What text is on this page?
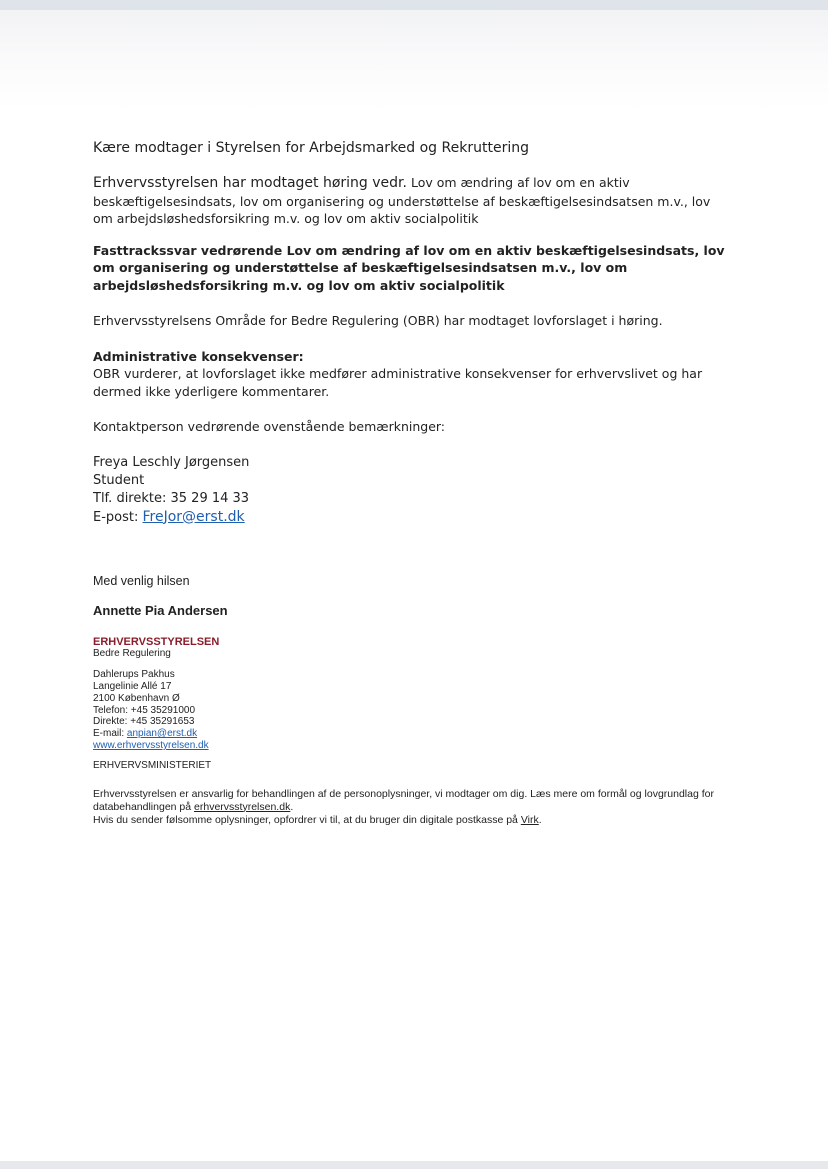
Kære modtager i Styrelsen for Arbejdsmarked og Rekruttering
Erhvervsstyrelsen har modtaget høring vedr. Lov om ændring af lov om en aktiv beskæftigelsesindsats, lov om organisering og understøttelse af beskæftigelsesindsatsen m.v., lov om arbejdsløshedsforsikring m.v. og lov om aktiv socialpolitik
Fasttrackssvar vedrørende Lov om ændring af lov om en aktiv beskæftigelsesindsats, lov om organisering og understøttelse af beskæftigelsesindsatsen m.v., lov om arbejdsløshedsforsikring m.v. og lov om aktiv socialpolitik
Erhvervsstyrelsens Område for Bedre Regulering (OBR) har modtaget lovforslaget i høring.
Administrative konsekvenser:
OBR vurderer, at lovforslaget ikke medfører administrative konsekvenser for erhvervslivet og har dermed ikke yderligere kommentarer.
Kontaktperson vedrørende ovenstående bemærkninger:
Freya Leschly Jørgensen
Student
Tlf. direkte: 35 29 14 33
E-post: FreJor@erst.dk
Med venlig hilsen
Annette Pia Andersen
ERHVERVSSTYRELSEN
Bedre Regulering
Dahlerups Pakhus
Langelinie Allé 17
2100 København Ø
Telefon: +45 35291000
Direkte: +45 35291653
E-mail: anpian@erst.dk
www.erhvervsstyrelsen.dk
ERHVERVSMINISTERIET
Erhvervsstyrelsen er ansvarlig for behandlingen af de personoplysninger, vi modtager om dig. Læs mere om formål og lovgrundlag for databehandlingen på erhvervsstyrelsen.dk.
Hvis du sender følsomme oplysninger, opfordrer vi til, at du bruger din digitale postkasse på Virk.
